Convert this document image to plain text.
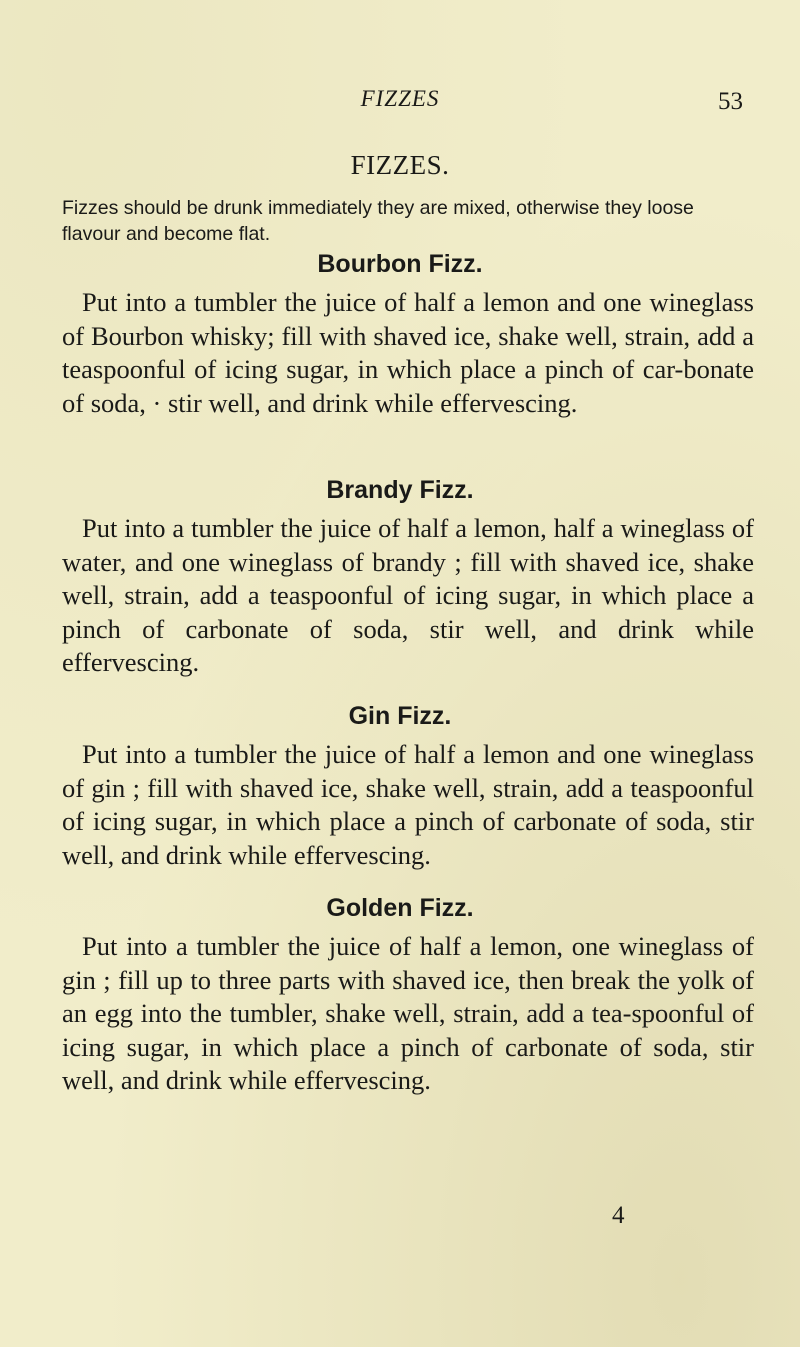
FIZZES	53
FIZZES.
Fizzes should be drunk immediately they are mixed, otherwise they loose flavour and become flat.
Bourbon Fizz.
Put into a tumbler the juice of half a lemon and one wineglass of Bourbon whisky; fill with shaved ice, shake well, strain, add a teaspoonful of icing sugar, in which place a pinch of car-bonate of soda, · stir well, and drink while effervescing.
Brandy Fizz.
Put into a tumbler the juice of half a lemon, half a wineglass of water, and one wineglass of brandy ; fill with shaved ice, shake well, strain, add a teaspoonful of icing sugar, in which place a pinch of carbonate of soda, stir well, and drink while effervescing.
Gin Fizz.
Put into a tumbler the juice of half a lemon and one wineglass of gin ; fill with shaved ice, shake well, strain, add a teaspoonful of icing sugar, in which place a pinch of carbonate of soda, stir well, and drink while effervescing.
Golden Fizz.
Put into a tumbler the juice of half a lemon, one wineglass of gin ; fill up to three parts with shaved ice, then break the yolk of an egg into the tumbler, shake well, strain, add a tea-spoonful of icing sugar, in which place a pinch of carbonate of soda, stir well, and drink while effervescing.
4
